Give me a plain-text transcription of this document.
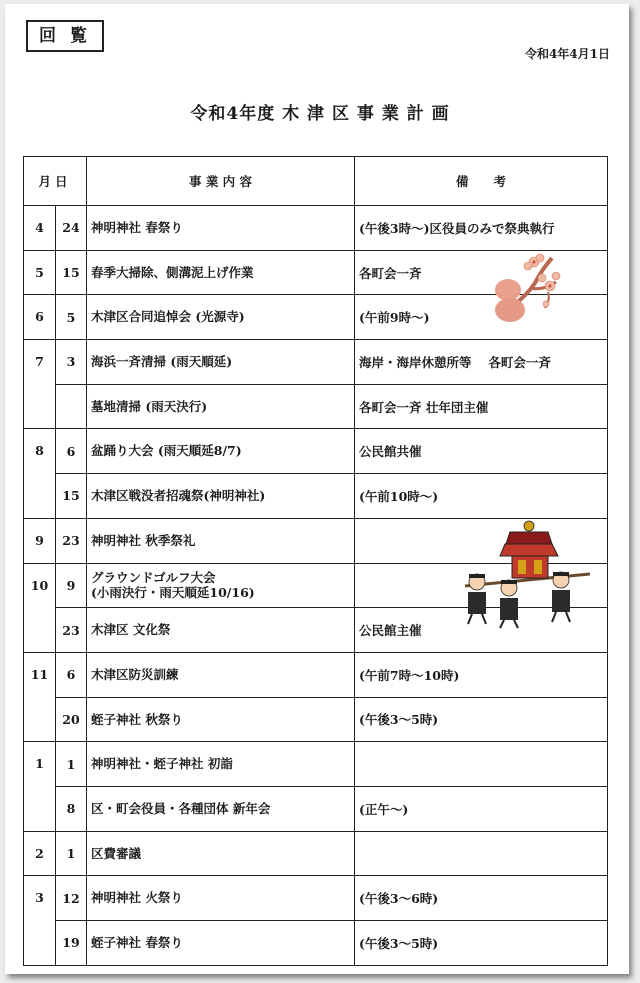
回 覧
令和4年4月1日
令和4年度 木 津 区 事 業 計 画
月日		事 業 内 容	備　　考
4	24	神明神社 春祭り	(午後3時～)区役員のみで祭典執行
5	15	春季大掃除、側溝泥上げ作業	各町会一斉
6	5	木津区合同追悼会 (光源寺)	(午前9時～)
7	3	海浜一斉清掃 (雨天順延)	海岸・海岸休憩所等　 各町会一斉
		墓地清掃 (雨天決行)	各町会一斉 壮年団主催
8	6	盆踊り大会 (雨天順延8/7)	公民館共催
	15	木津区戦没者招魂祭(神明神社)	(午前10時～)
9	23	神明神社 秋季祭礼	
10	9	グラウンドゴルフ大会
(小雨決行・雨天順延10/16)	
	23	木津区 文化祭	公民館主催
11	6	木津区防災訓練	(午前7時～10時)
	20	蛭子神社 秋祭り	(午後3～5時)
1	1	神明神社・蛭子神社 初詣	
	8	区・町会役員・各種団体 新年会	(正午～)
2	1	区費審議	
3	12	神明神社 火祭り	(午後3～6時)
	19	蛭子神社 春祭り	(午後3～5時)
